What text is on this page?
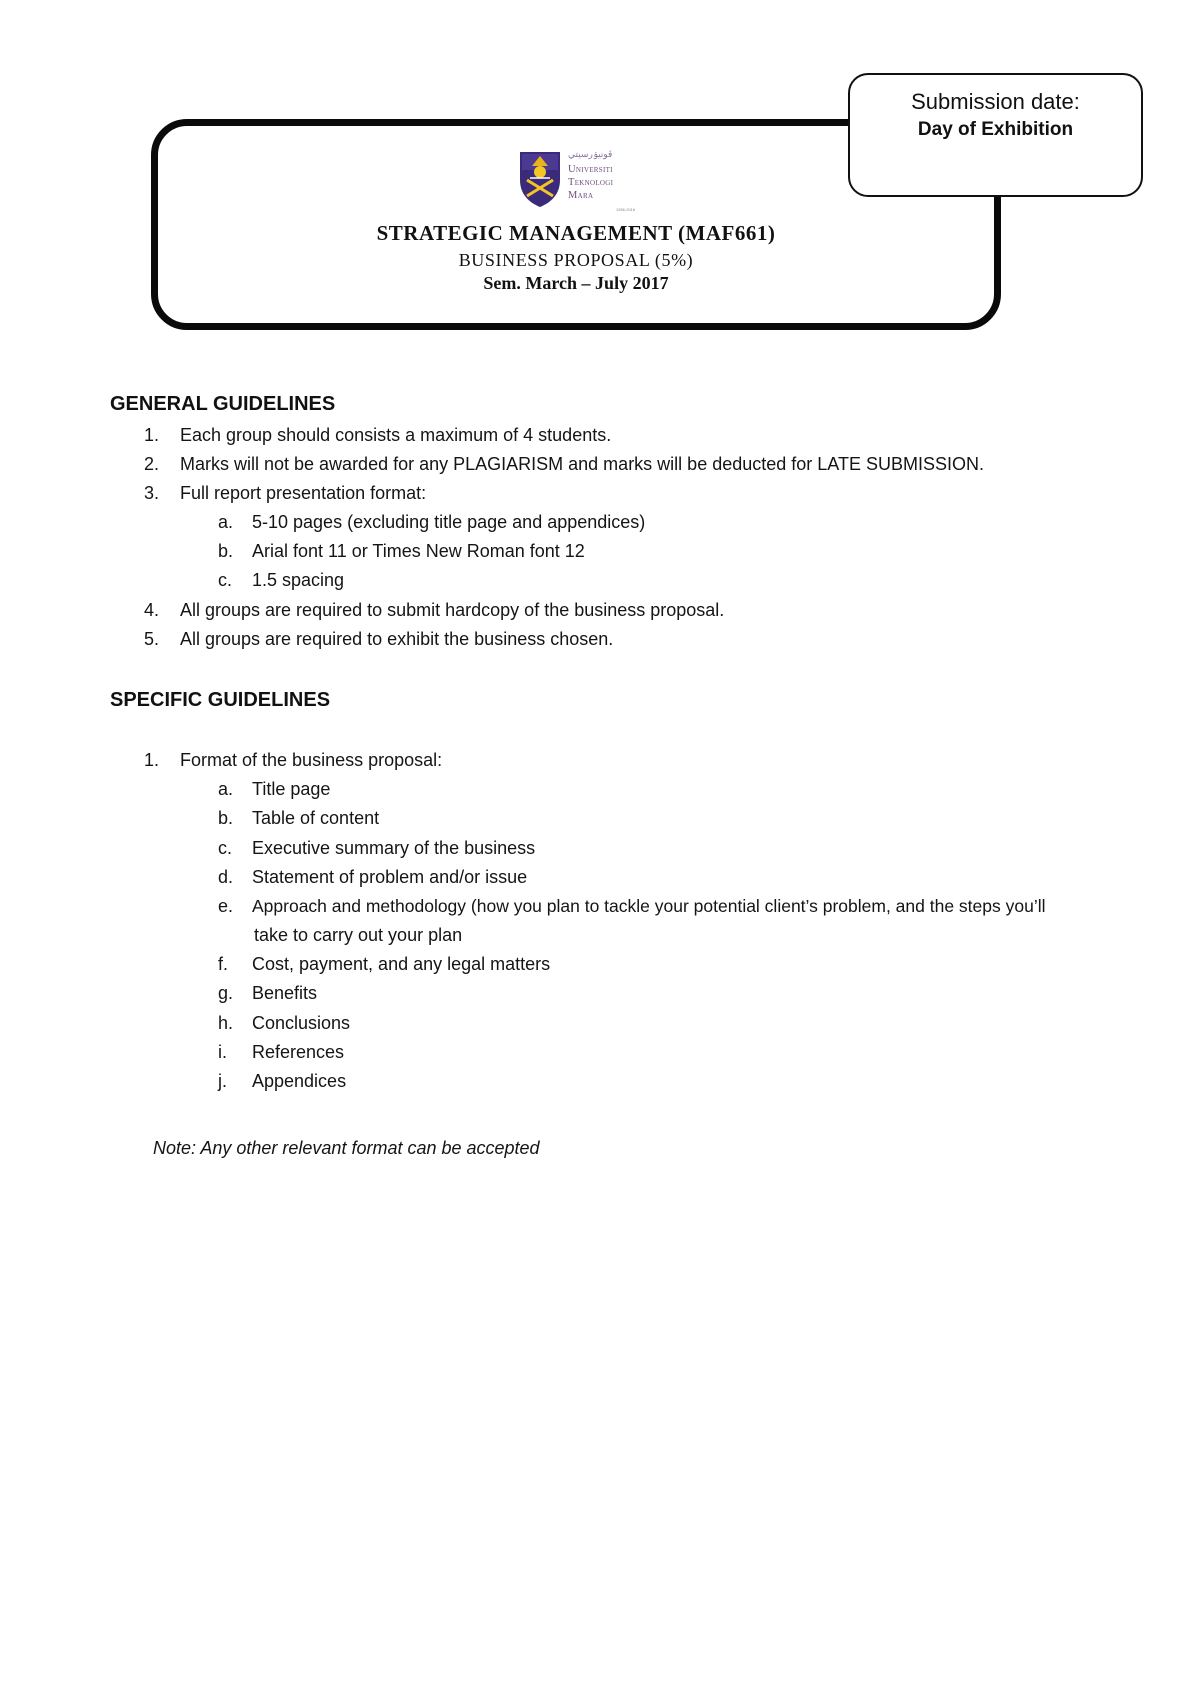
Submission date:
Day of Exhibition
ڤونيۏرسيتي
Universiti
Teknologi
Mara
1956-2016
STRATEGIC MANAGEMENT (MAF661)
BUSINESS PROPOSAL (5%)
Sem. March – July 2017
GENERAL GUIDELINES
1. Each group should consists a maximum of 4 students.
2. Marks will not be awarded for any PLAGIARISM and marks will be deducted for LATE SUBMISSION.
3. Full report presentation format:
a. 5-10 pages (excluding title page and appendices)
b. Arial font 11 or Times New Roman font 12
c. 1.5 spacing
4. All groups are required to submit hardcopy of the business proposal.
5. All groups are required to exhibit the business chosen.
SPECIFIC GUIDELINES
1. Format of the business proposal:
a. Title page
b. Table of content
c. Executive summary of the business
d. Statement of problem and/or issue
e. Approach and methodology (how you plan to tackle your potential client’s problem, and the steps you’ll
take to carry out your plan
f. Cost, payment, and any legal matters
g. Benefits
h. Conclusions
i. References
j. Appendices
Note: Any other relevant format can be accepted
